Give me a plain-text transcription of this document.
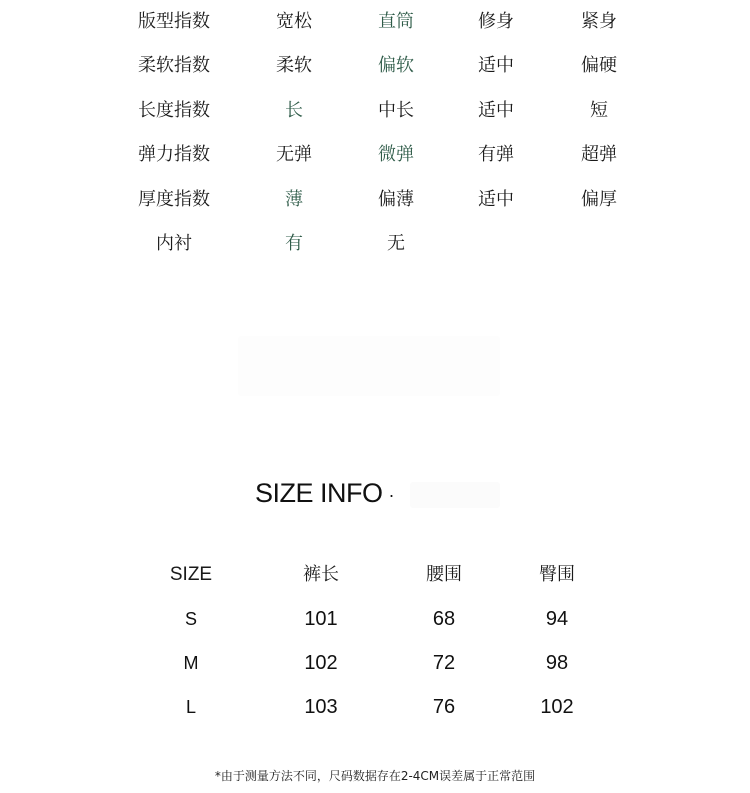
版型指数	宽松	直筒	修身	紧身
柔软指数	柔软	偏软	适中	偏硬
长度指数	长	中长	适中	短
弹力指数	无弹	微弹	有弹	超弹
厚度指数	薄	偏薄	适中	偏厚
内衬	有	无
SIZE INFO ·
SIZE	裤长	腰围	臀围
S	101	68	94
M	102	72	98
L	103	76	102
*由于测量方法不同，尺码数据存在2-4CM误差属于正常范围
